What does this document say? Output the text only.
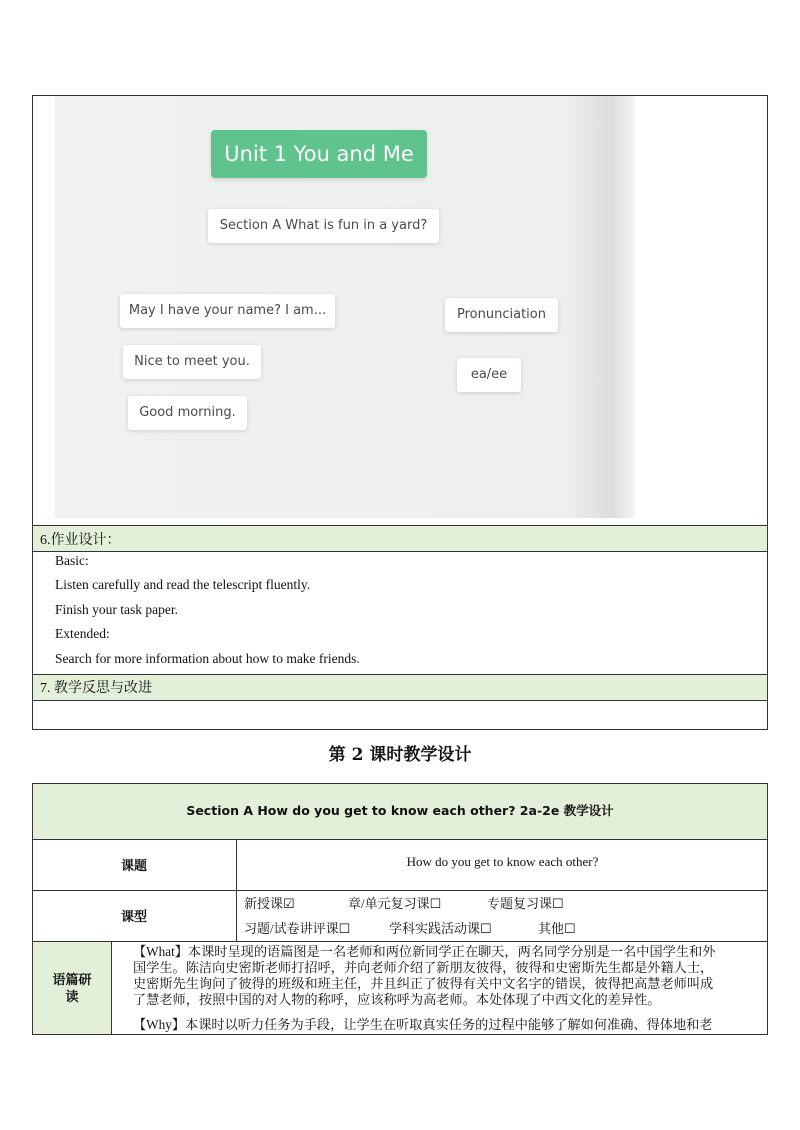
Unit 1 You and Me
Section A What is fun in a yard?
May I have your name? I am...
Nice to meet you.
Good morning.
Pronunciation
ea/ee
6.作业设计：
Basic:
Listen carefully and read the telescript fluently.
Finish your task paper.
Extended:
Search for more information about how to make friends.
7. 教学反思与改进
第 2 课时教学设计
Section A How do you get to know each other? 2a-2e 教学设计
课题	How do you get to know each other?
课型
新授课☑	章/单元复习课☐	专题复习课☐
习题/试卷讲评课☐	学科实践活动课☐	其他☐
语篇研
读
【What】本课时呈现的语篇图是一名老师和两位新同学正在聊天，两名同学分别是一名中国学生和外
国学生。陈洁向史密斯老师打招呼，并向老师介绍了新朋友彼得，彼得和史密斯先生都是外籍人士，
史密斯先生询问了彼得的班级和班主任，并且纠正了彼得有关中文名字的错误，彼得把高慧老师叫成
了慧老师，按照中国的对人物的称呼，应该称呼为高老师。本处体现了中西文化的差异性。
【Why】本课时以听力任务为手段，让学生在听取真实任务的过程中能够了解如何准确、得体地和老
